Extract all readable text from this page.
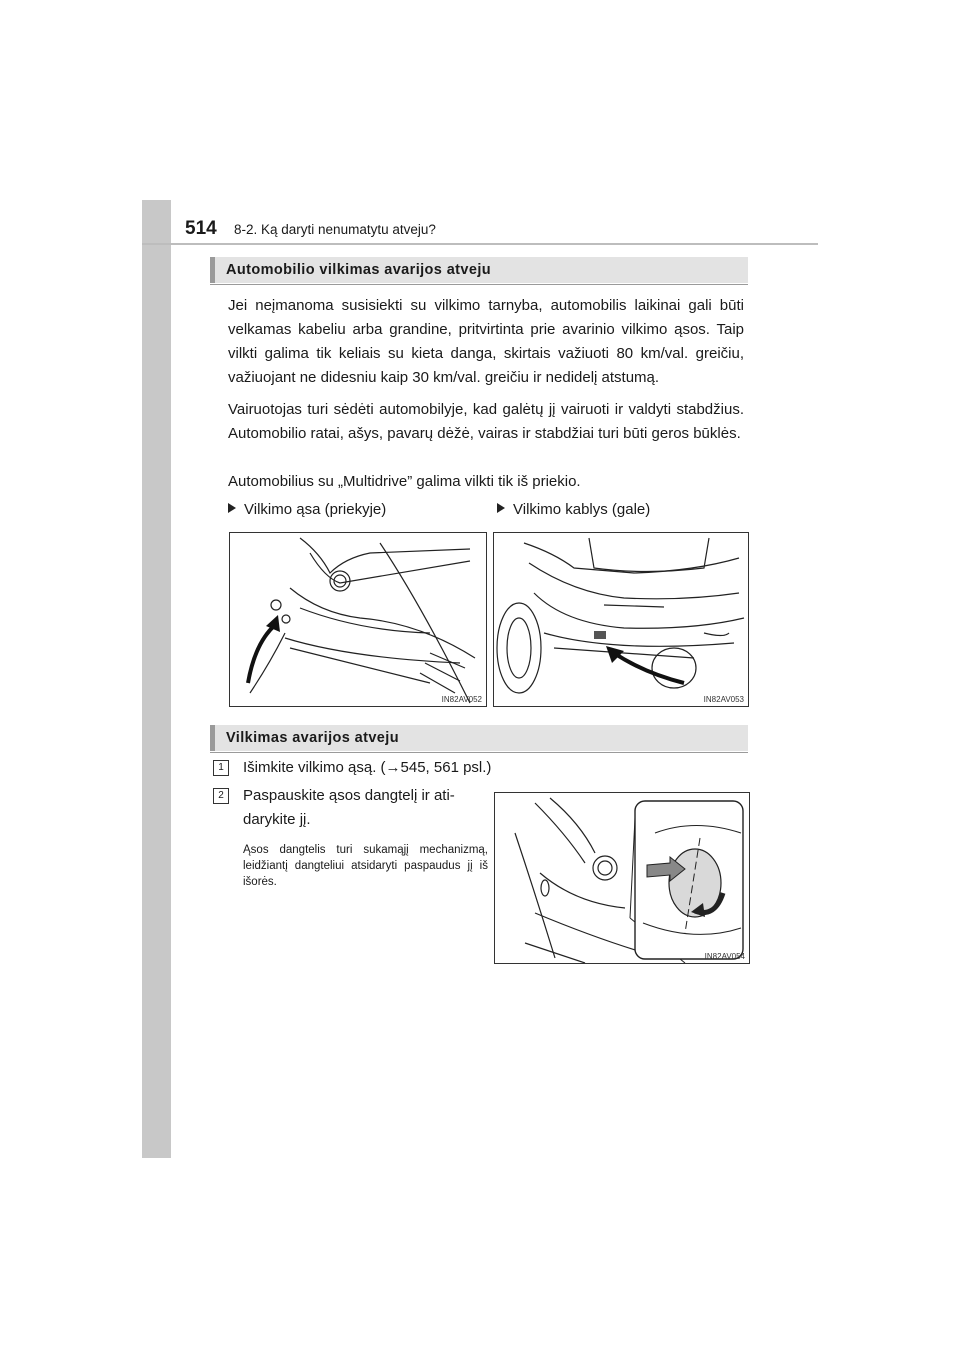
514 8-2. Ką daryti nenumatytu atveju?
Automobilio vilkimas avarijos atveju

Jei neįmanoma susisiekti su vilkimo tarnyba, automobilis laikinai gali būti velkamas kabeliu arba grandine, pritvirtinta prie avarinio vilkimo ąsos. Taip vilkti galima tik keliais su kieta danga, skirtais važiuoti 80 km/val. greičiu, važiuojant ne didesniu kaip 30 km/val. greičiu ir nedidelį atstumą.

Vairuotojas turi sėdėti automobilyje, kad galėtų jį vairuoti ir valdyti stabdžius. Automobilio ratai, ašys, pavarų dėžė, vairas ir stabdžiai turi būti geros būklės.

Automobilius su „Multidrive” galima vilkti tik iš priekio.

Vilkimo ąsa (priekyje)	Vilkimo kablys (gale)
IN82AV052	IN82AV053
Vilkimas avarijos atveju
1	Išimkite vilkimo ąsą. (→545, 561 psl.)
2	Paspauskite ąsos dangtelį ir ati-
darykite jį.

Ąsos dangtelis turi sukamąjį mechanizmą, leidžiantį dangteliui atsidaryti paspaudus jį iš išorės.

IN82AV054
